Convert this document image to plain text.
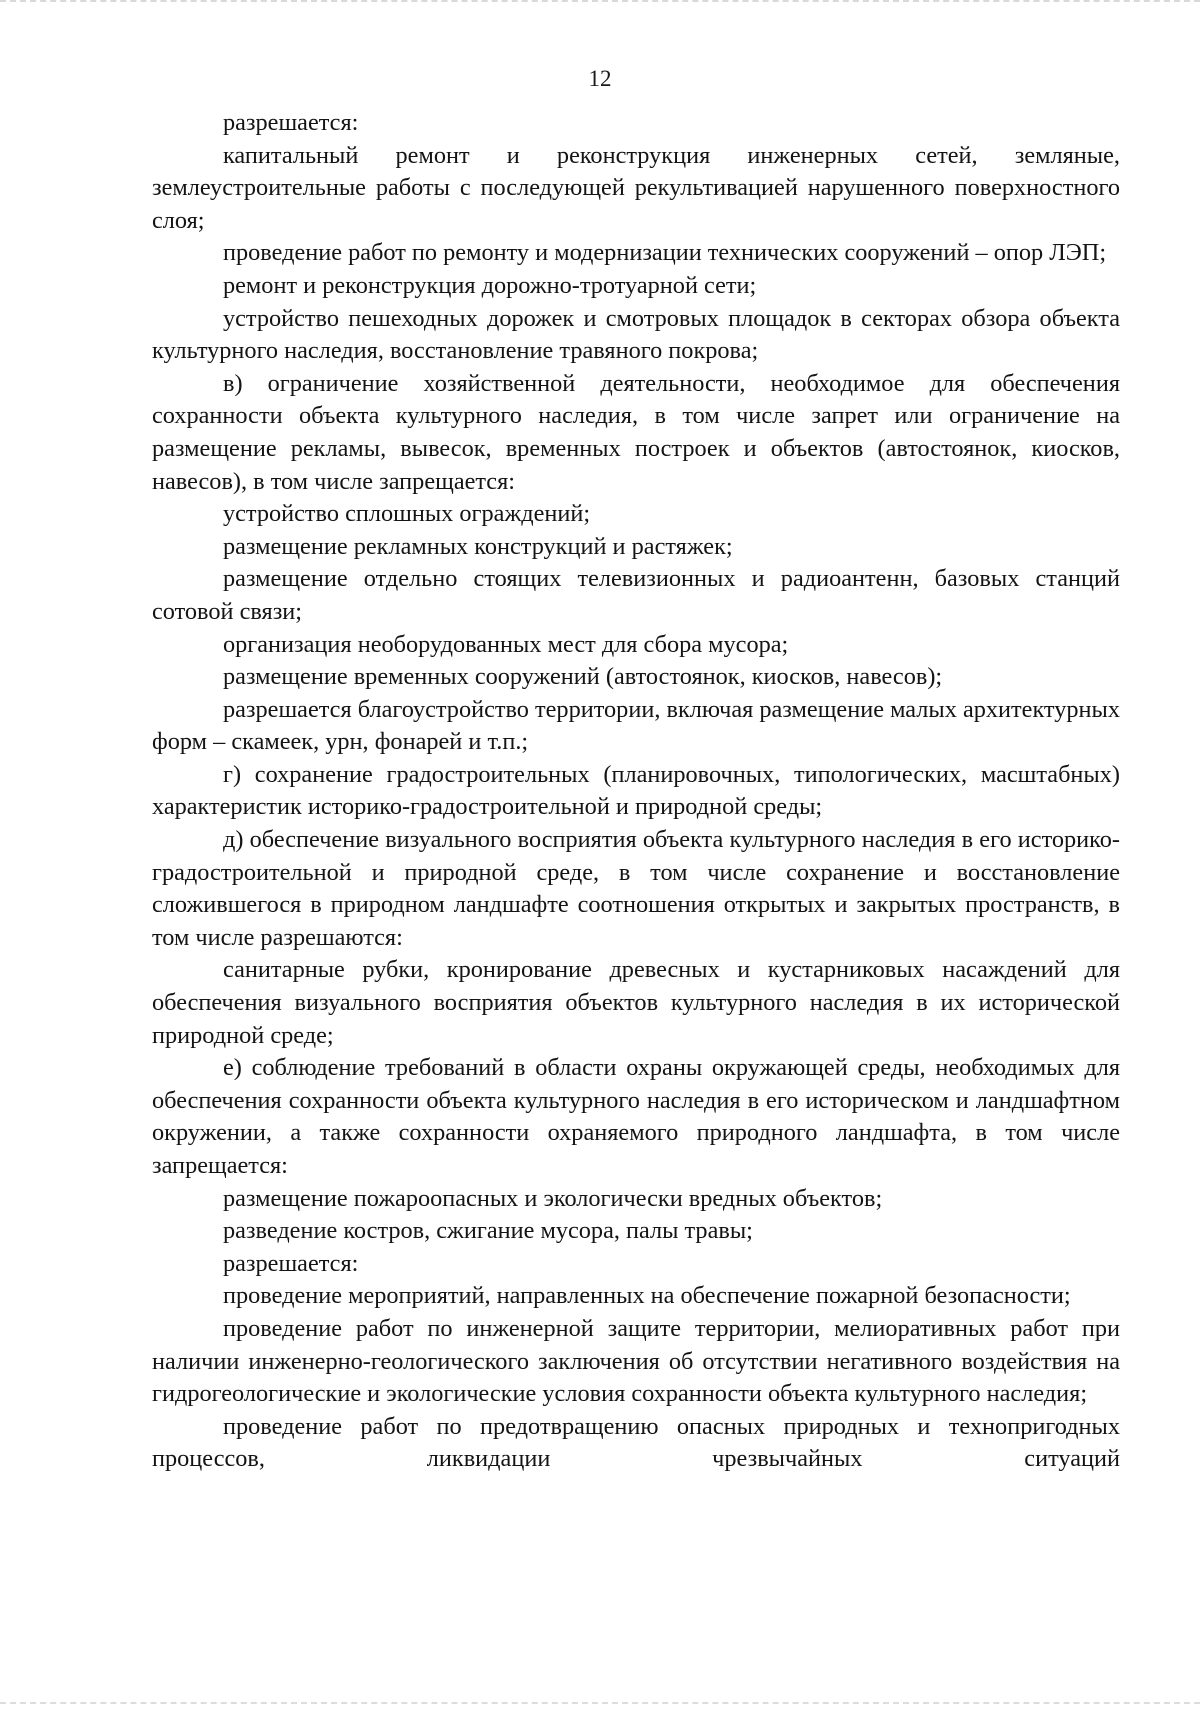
12

разрешается:

капитальный ремонт и реконструкция инженерных сетей, земляные, землеустроительные работы с последующей рекультивацией нарушенного поверхностного слоя;

проведение работ по ремонту и модернизации технических сооружений – опор ЛЭП;

ремонт и реконструкция дорожно-тротуарной сети;

устройство пешеходных дорожек и смотровых площадок в секторах обзора объекта культурного наследия, восстановление травяного покрова;

в) ограничение хозяйственной деятельности, необходимое для обеспечения сохранности объекта культурного наследия, в том числе запрет или ограничение на размещение рекламы, вывесок, временных построек и объектов (автостоянок, киосков, навесов), в том числе запрещается:

устройство сплошных ограждений;

размещение рекламных конструкций и растяжек;

размещение отдельно стоящих телевизионных и радиоантенн, базовых станций сотовой связи;

организация необорудованных мест для сбора мусора;

размещение временных сооружений (автостоянок, киосков, навесов);

разрешается благоустройство территории, включая размещение малых архитектурных форм – скамеек, урн, фонарей и т.п.;

г) сохранение градостроительных (планировочных, типологических, масштабных) характеристик историко-градостроительной и природной среды;

д) обеспечение визуального восприятия объекта культурного наследия в его историко-градостроительной и природной среде, в том числе сохранение и восстановление сложившегося в природном ландшафте соотношения открытых и закрытых пространств, в том числе разрешаются:

санитарные рубки, кронирование древесных и кустарниковых насаждений для обеспечения визуального восприятия объектов культурного наследия в их исторической природной среде;

е) соблюдение требований в области охраны окружающей среды, необходимых для обеспечения сохранности объекта культурного наследия в его историческом и ландшафтном окружении, а также сохранности охраняемого природного ландшафта, в том числе запрещается:

размещение пожароопасных и экологически вредных объектов;

разведение костров, сжигание мусора, палы травы;

разрешается:

проведение мероприятий, направленных на обеспечение пожарной безопасности;

проведение работ по инженерной защите территории, мелиоративных работ при наличии инженерно-геологического заключения об отсутствии негативного воздействия на гидрогеологические и экологические условия сохранности объекта культурного наследия;

проведение работ по предотвращению опасных природных и технопригодных процессов, ликвидации чрезвычайных ситуаций
